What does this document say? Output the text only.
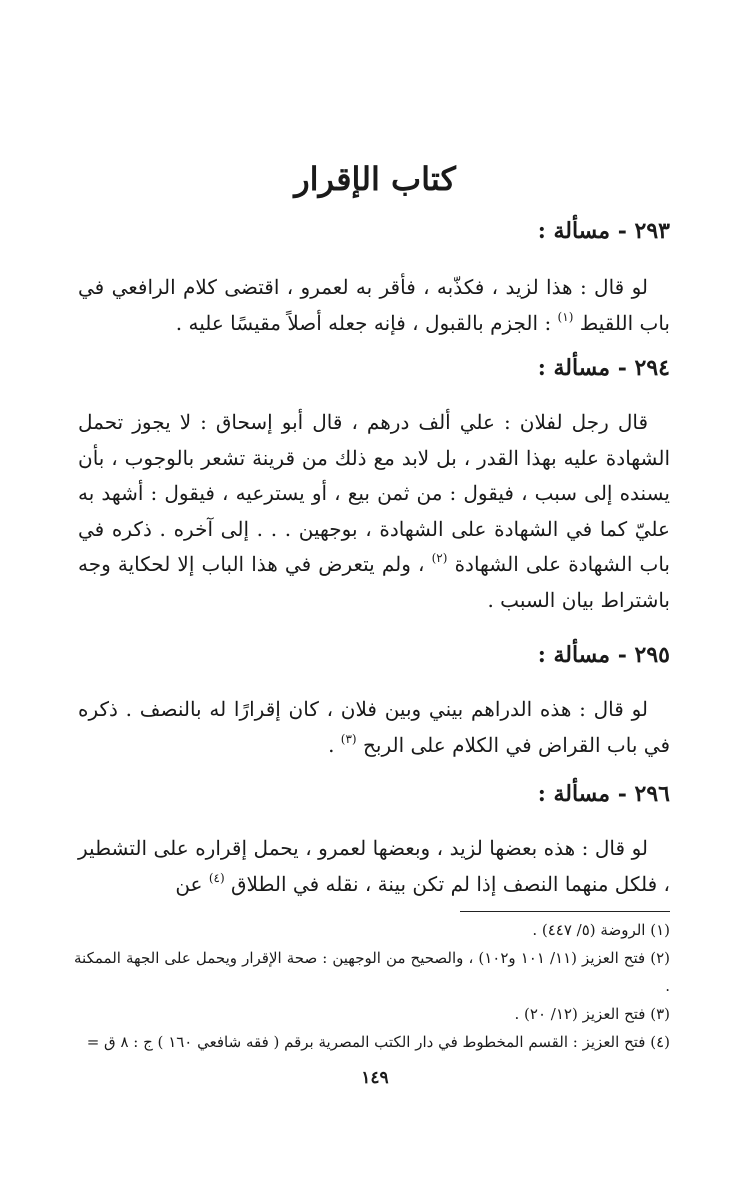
كتاب الإقرار

٢٩٣ - مسألة :

لو قال : هذا لزيد ، فكذّبه ، فأقر به لعمرو ، اقتضى كلام الرافعي في باب اللقيط $^{(١)}$ : الجزم بالقبول ، فإنه جعله أصلاً مقيسًا عليه .

٢٩٤ - مسألة :

قال رجل لفلان : علي ألف درهم ، قال أبو إسحاق : لا يجوز تحمل الشهادة عليه بهذا القدر ، بل لابد مع ذلك من قرينة تشعر بالوجوب ، بأن يسنده إلى سبب ، فيقول : من ثمن بيع ، أو يسترعيه ، فيقول : أشهد به عليّ كما في الشهادة على الشهادة ، بوجهين . . . إلى آخره . ذكره في باب الشهادة على الشهادة $^{(٢)}$ ، ولم يتعرض في هذا الباب إلا لحكاية وجه باشتراط بيان السبب .

٢٩٥ - مسألة :

لو قال : هذه الدراهم بيني وبين فلان ، كان إقرارًا له بالنصف . ذكره في باب القراض في الكلام على الربح $^{(٣)}$ .

٢٩٦ - مسألة :

لو قال : هذه بعضها لزيد ، وبعضها لعمرو ، يحمل إقراره على التشطير ، فلكل منهما النصف إذا لم تكن بينة ، نقله في الطلاق $^{(٤)}$ عن

(١) الروضة (٥/ ٤٤٧) .

(٢) فتح العزيز (١١/ ١٠١ و١٠٢) ، والصحيح من الوجهين : صحة الإقرار ويحمل على الجهة الممكنة .

(٣) فتح العزيز (١٢/ ٢٠) .

(٤) فتح العزيز : القسم المخطوط في دار الكتب المصرية برقم ( فقه شافعي ١٦٠ ) ج : ٨ ق =

١٤٩
